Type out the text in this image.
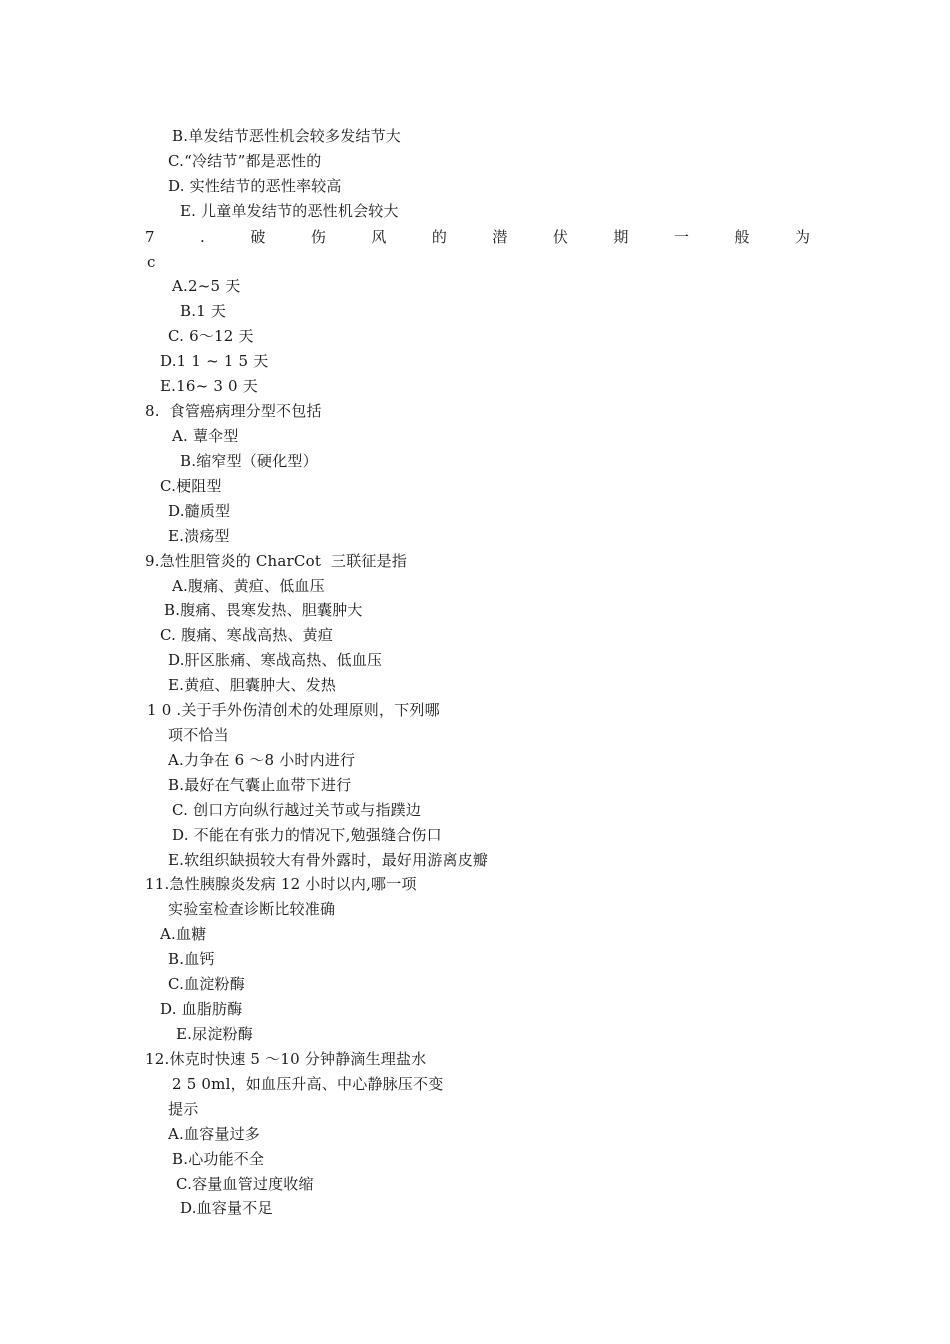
B.单发结节恶性机会较多发结节大
C.“冷结节”都是恶性的
D. 实性结节的恶性率较高
E. 儿童单发结节的恶性机会较大
7	.	破	伤	风	的	潜	伏	期	一	般	为
c
A.2~5 天
B.1 天
C. 6～12 天
D.1 1 ~ 1 5 天
E.16~ 3 0 天
8.  食管癌病理分型不包括
A. 蕈伞型
B.缩窄型（硬化型）
C.梗阻型
D.髓质型
E.溃疡型
9.急性胆管炎的 CharCot  三联征是指
A.腹痛、黄疸、低血压
B.腹痛、畏寒发热、胆囊肿大
C. 腹痛、寒战高热、黄疸
D.肝区胀痛、寒战高热、低血压
E.黄疸、胆囊肿大、发热
1 0 .关于手外伤清创术的处理原则，下列哪
项不恰当
A.力争在 6 ～8 小时内进行
B.最好在气囊止血带下进行
C. 创口方向纵行越过关节或与指蹼边
D. 不能在有张力的情况下,勉强缝合伤口
E.软组织缺损较大有骨外露时，最好用游离皮瓣
11.急性胰腺炎发病 12 小时以内,哪一项
实验室检查诊断比较准确
A.血糖
B.血钙
C.血淀粉酶
D. 血脂肪酶
E.尿淀粉酶
12.休克时快速 5 ～10 分钟静滴生理盐水
2 5 0ml，如血压升高、中心静脉压不变
提示
A.血容量过多
B.心功能不全
C.容量血管过度收缩
D.血容量不足
